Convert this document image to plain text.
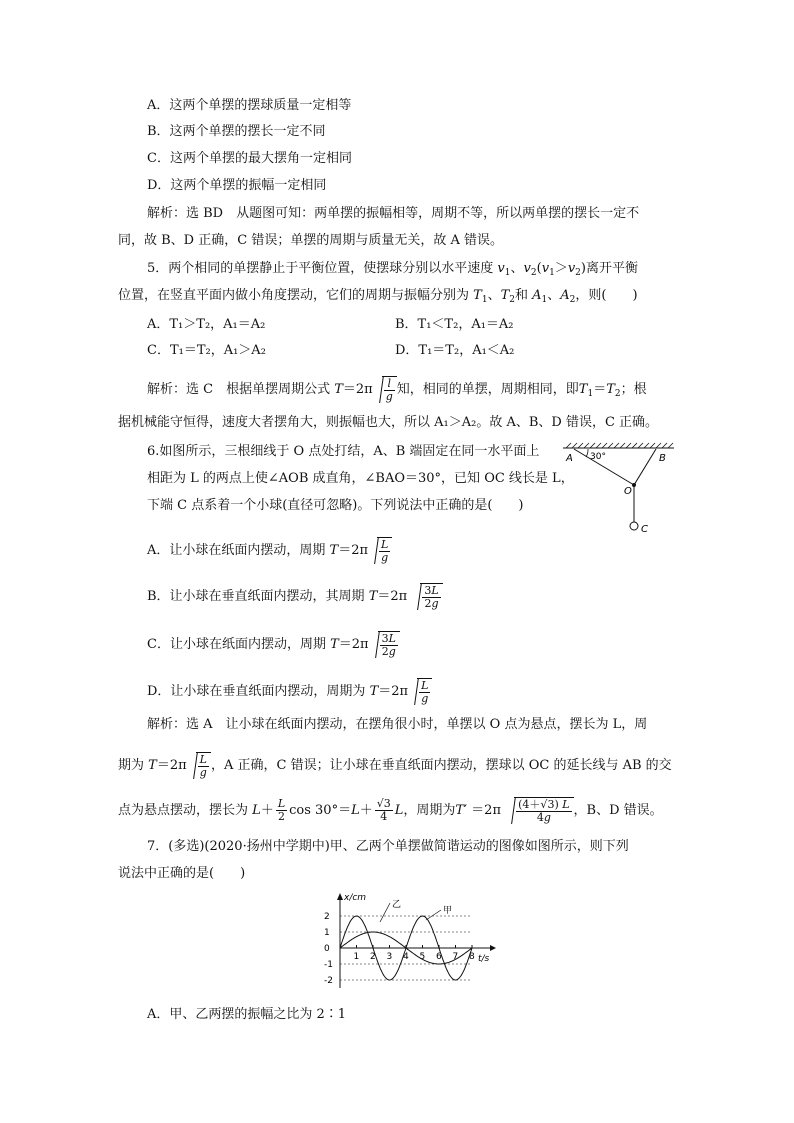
A．这两个单摆的摆球质量一定相等
B．这两个单摆的摆长一定不同
C．这两个单摆的最大摆角一定相同
D．这两个单摆的振幅一定相同
解析：选 BD　从题图可知：两单摆的振幅相等，周期不等，所以两单摆的摆长一定不
同，故 B、D 正确，C 错误；单摆的周期与质量无关，故 A 错误。
5．两个相同的单摆静止于平衡位置，使摆球分别以水平速度 $v_1$、$v_2(v_1>v_2)$离开平衡
位置，在竖直平面内做小角度摆动，它们的周期与振幅分别为 $T_1$、$T_2$和 $A_1$、$A_2$，则(　　)
A．T₁＞T₂，A₁＝A₂	B．T₁＜T₂，A₁＝A₂
C．T₁＝T₂，A₁＞A₂	D．T₁＝T₂，A₁＜A₂
解析：选 C　根据单摆周期公式 $T=2\pi \frac{l}{g}$ 知，相同的单摆，周期相同，即$T_1=T_2$；根
据机械能守恒得，速度大者摆角大，则振幅也大，所以 A₁＞A₂。故 A、B、D 错误，C 正确。
6.如图所示，三根细线于 O 点处打结，A、B 端固定在同一水平面上
相距为 L 的两点上使∠AOB 成直角，∠BAO＝30°，已知 OC 线长是 L，
下端 C 点系着一个小球(直径可忽略)。下列说法中正确的是(　　)
A	B
O
C
30°
A．让小球在纸面内摆动，周期 $T=2\pi \frac{L}{g}$
B．让小球在垂直纸面内摆动，其周期 $T=2\pi \frac{3L}{2g}$
C．让小球在纸面内摆动，周期 $T=2\pi \frac{3L}{2g}$
D．让小球在垂直纸面内摆动，周期为 $T=2\pi \frac{L}{g}$
解析：选 A　让小球在纸面内摆动，在摆角很小时，单摆以 O 点为悬点，摆长为 L，周
期为 $T=2\pi \frac{L}{g}$ ，A 正确，C 错误；让小球在垂直纸面内摆动，摆球以 OC 的延长线与 AB 的交
点为悬点摆动，摆长为 $L+ \frac{L}{2}$ $\cos 30^\circ=L+ \frac{√3}{4}$ L，周期为$T' =2\pi \frac{(4+√3) L}{4g}$ ，B、D 错误。
7．(多选)(2020·扬州中学期中)甲、乙两个单摆做简谐运动的图像如图所示，则下列
说法中正确的是(　　)
x/cm
t/s
1 2 3 4 5 6 7 8
2
1
0
-1
-2
乙
甲
A．甲、乙两摆的振幅之比为 2∶1
